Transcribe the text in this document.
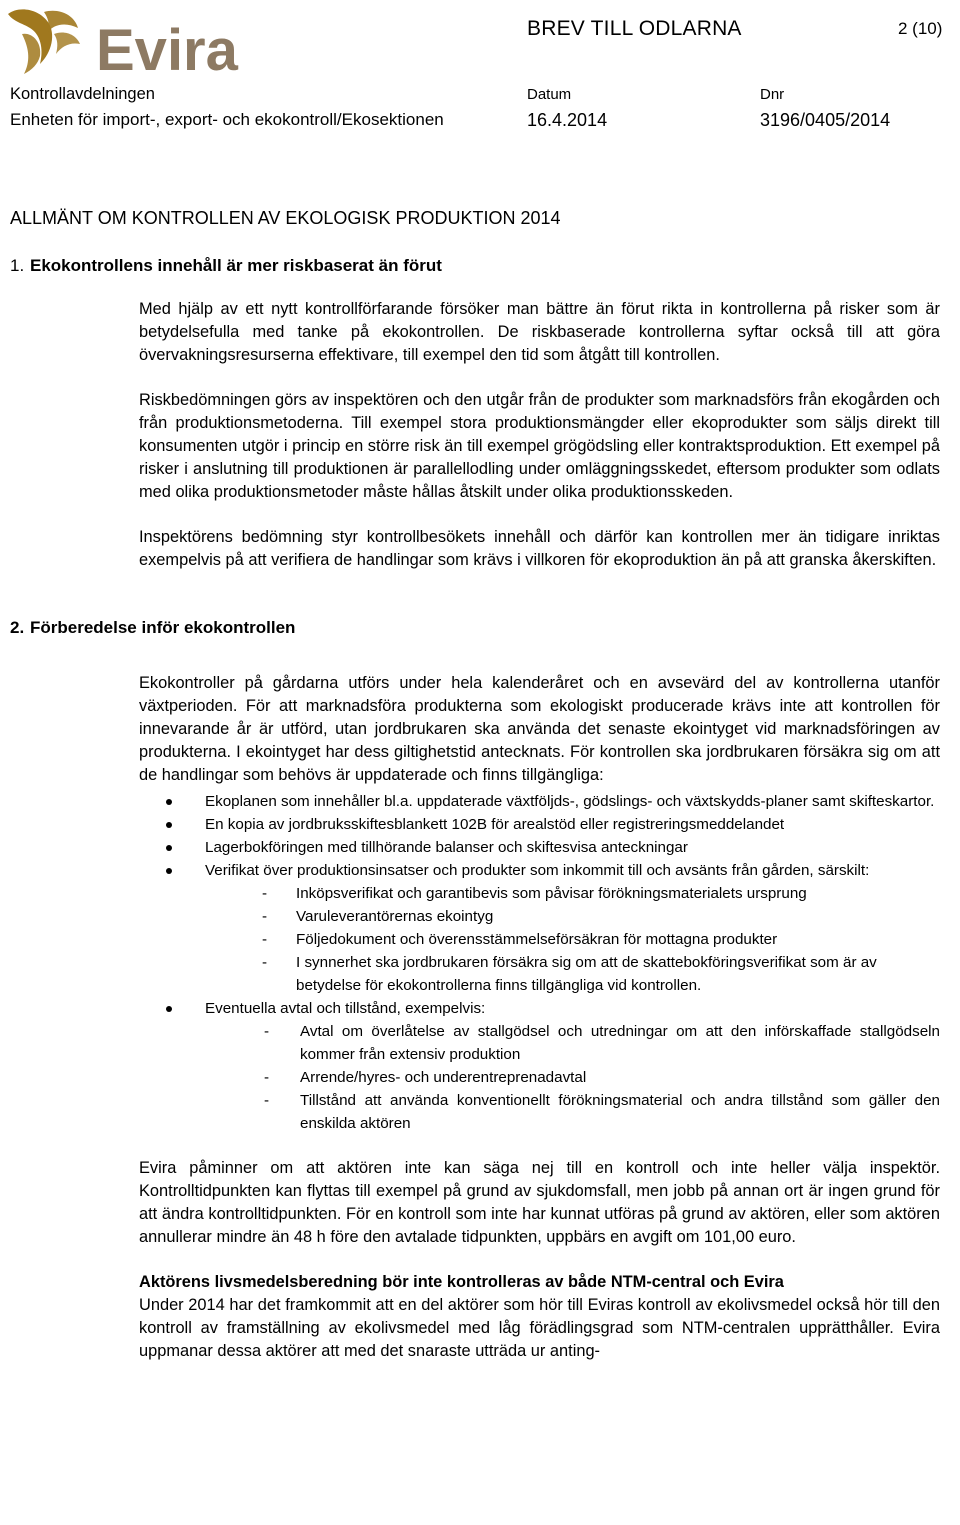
Evira	BREV TILL ODLARNA	2 (10)
Kontrollavdelningen
Enheten för import-, export- och ekokontroll/Ekosektionen
Datum
16.4.2014
Dnr
3196/0405/2014
ALLMÄNT OM KONTROLLEN AV EKOLOGISK PRODUKTION 2014
1. Ekokontrollens innehåll är mer riskbaserat än förut

Med hjälp av ett nytt kontrollförfarande försöker man bättre än förut rikta in kontrollerna på risker som är betydelsefulla med tanke på ekokontrollen. De riskbaserade kontrollerna syftar också till att göra övervakningsresurserna effektivare, till exempel den tid som åtgått till kontrollen.

Riskbedömningen görs av inspektören och den utgår från de produkter som marknadsförs från ekogården och från produktionsmetoderna. Till exempel stora produktionsmängder eller ekoprodukter som säljs direkt till konsumenten utgör i princip en större risk än till exempel grögödsling eller kontraktsproduktion. Ett exempel på risker i anslutning till produktionen är parallellodling under omläggningsskedet, eftersom produkter som odlats med olika produktionsmetoder måste hållas åtskilt under olika produktionsskeden.

Inspektörens bedömning styr kontrollbesökets innehåll och därför kan kontrollen mer än tidigare inriktas exempelvis på att verifiera de handlingar som krävs i villkoren för ekoproduktion än på att granska åkerskiften.

2. Förberedelse inför ekokontrollen

Ekokontroller på gårdarna utförs under hela kalenderåret och en avsevärd del av kontrollerna utanför växtperioden. För att marknadsföra produkterna som ekologiskt producerade krävs inte att kontrollen för innevarande år är utförd, utan jordbrukaren ska använda det senaste ekointyget vid marknadsföringen av produkterna. I ekointyget har dess giltighetstid antecknats. För kontrollen ska jordbrukaren försäkra sig om att de handlingar som behövs är uppdaterade och finns tillgängliga:

Ekoplanen som innehåller bl.a. uppdaterade växtföljds-, gödslings- och växtskydds-planer samt skifteskartor.
En kopia av jordbruksskiftesblankett 102B för arealstöd eller registreringsmeddelandet
Lagerbokföringen med tillhörande balanser och skiftesvisa anteckningar
Verifikat över produktionsinsatser och produkter som inkommit till och avsänts från gården, särskilt:
- Inköpsverifikat och garantibevis som påvisar förökningsmaterialets ursprung
- Varuleverantörernas ekointyg
- Följedokument och överensstämmelseförsäkran för mottagna produkter
- I synnerhet ska jordbrukaren försäkra sig om att de skattebokföringsverifikat som är av betydelse för ekokontrollerna finns tillgängliga vid kontrollen.
Eventuella avtal och tillstånd, exempelvis:
- Avtal om överlåtelse av stallgödsel och utredningar om att den införskaffade stallgödseln kommer från extensiv produktion
- Arrende/hyres- och underentreprenadavtal
- Tillstånd att använda konventionellt förökningsmaterial och andra tillstånd som gäller den enskilda aktören

Evira påminner om att aktören inte kan säga nej till en kontroll och inte heller välja inspektör. Kontrolltidpunkten kan flyttas till exempel på grund av sjukdomsfall, men jobb på annan ort är ingen grund för att ändra kontrolltidpunkten. För en kontroll som inte har kunnat utföras på grund av aktören, eller som aktören annullerar mindre än 48 h före den avtalade tidpunkten, uppbärs en avgift om 101,00 euro.

Aktörens livsmedelsberedning bör inte kontrolleras av både NTM-central och Evira

Under 2014 har det framkommit att en del aktörer som hör till Eviras kontroll av ekolivsmedel också hör till den kontroll av framställning av ekolivsmedel med låg förädlingsgrad som NTM-centralen upprätthåller. Evira uppmanar dessa aktörer att med det snaraste utträda ur anting-
